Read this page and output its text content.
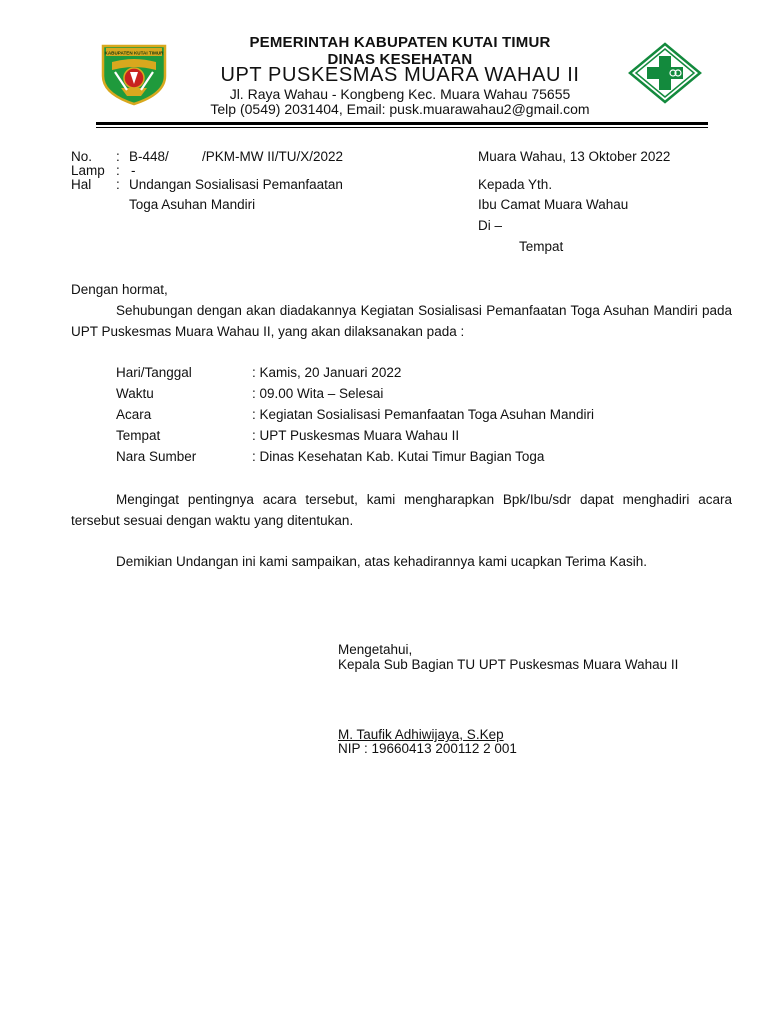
KABUPATEN KUTAI TIMUR
PEMERINTAH KABUPATEN KUTAI TIMUR
DINAS KESEHATAN
UPT PUSKESMAS MUARA WAHAU II
Jl. Raya Wahau - Kongbeng Kec. Muara Wahau 75655
Telp (0549) 2031404, Email: pusk.muarawahau2@gmail.com
No. : B-448/ /PKM-MW II/TU/X/2022
Lamp : -
Hal : Undangan Sosialisasi Pemanfaatan
Toga Asuhan Mandiri
Muara Wahau, 13 Oktober 2022
Kepada Yth.
Ibu Camat Muara Wahau
Di –
Tempat
Dengan hormat,

Sehubungan dengan akan diadakannya Kegiatan Sosialisasi Pemanfaatan Toga Asuhan Mandiri pada UPT Puskesmas Muara Wahau II, yang akan dilaksanakan pada :

Hari/Tanggal	: Kamis, 20 Januari 2022
Waktu	: 09.00 Wita – Selesai
Acara	: Kegiatan Sosialisasi Pemanfaatan Toga Asuhan Mandiri
Tempat	: UPT Puskesmas Muara Wahau II
Nara Sumber	: Dinas Kesehatan Kab. Kutai Timur Bagian Toga

Mengingat pentingnya acara tersebut, kami mengharapkan Bpk/Ibu/sdr dapat menghadiri acara tersebut sesuai dengan waktu yang ditentukan.

Demikian Undangan ini kami sampaikan, atas kehadirannya kami ucapkan Terima Kasih.

Mengetahui,
Kepala Sub Bagian TU UPT Puskesmas Muara Wahau II
M. Taufik Adhiwijaya, S.Kep
NIP : 19660413 200112 2 001
